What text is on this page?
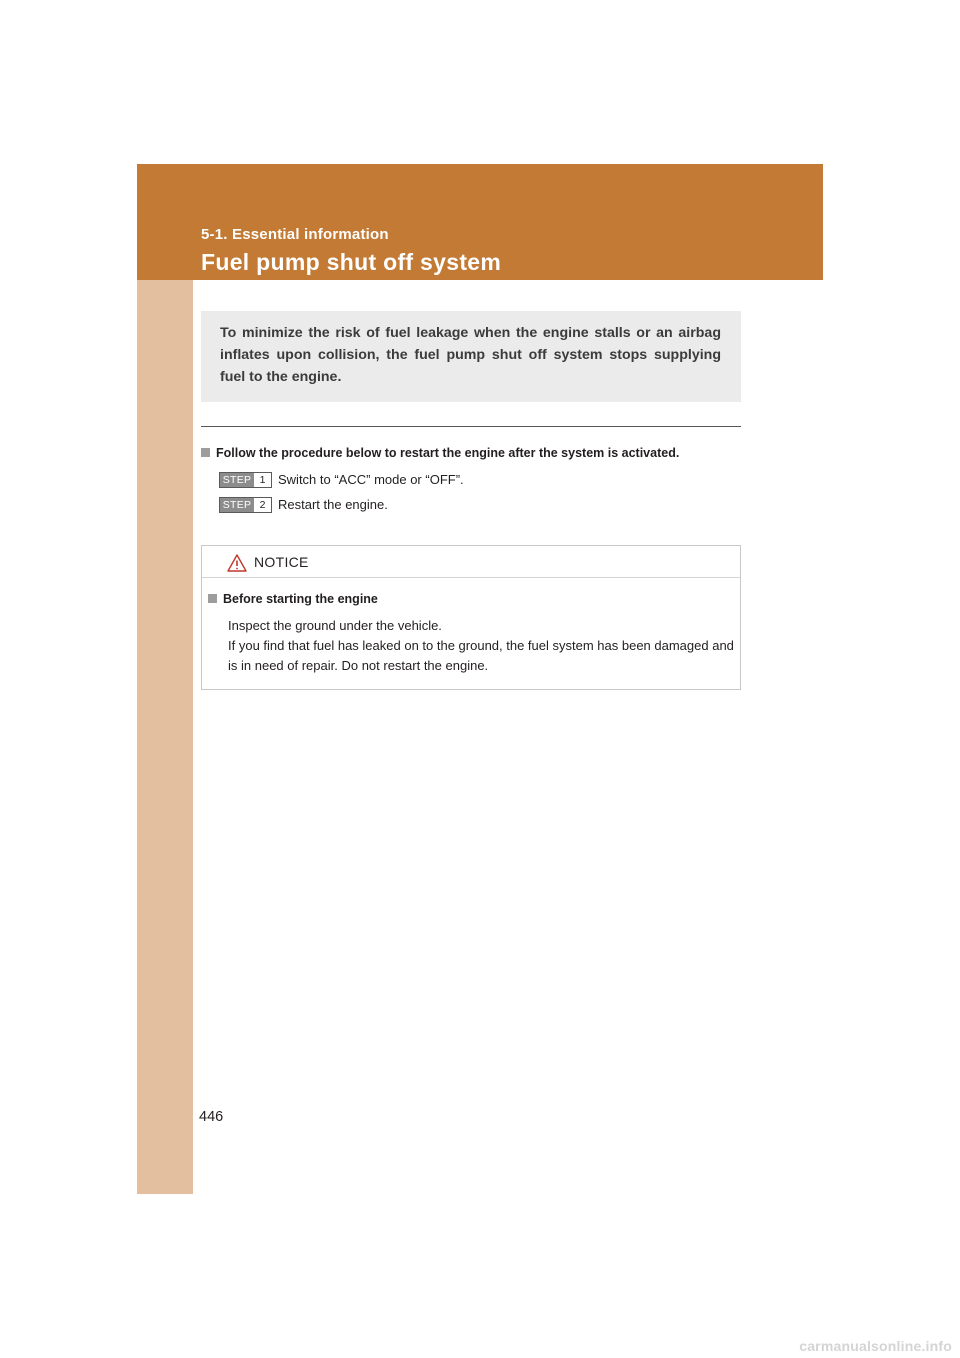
5-1. Essential information
Fuel pump shut off system

To minimize the risk of fuel leakage when the engine stalls or an airbag inflates upon collision, the fuel pump shut off system stops supplying fuel to the engine.

Follow the procedure below to restart the engine after the system is activated.
STEP 1 Switch to “ACC” mode or “OFF”.
STEP 2 Restart the engine.
NOTICE
Before starting the engine

Inspect the ground under the vehicle.
If you find that fuel has leaked on to the ground, the fuel system has been damaged and is in need of repair. Do not restart the engine.

446
carmanualsonline.info
